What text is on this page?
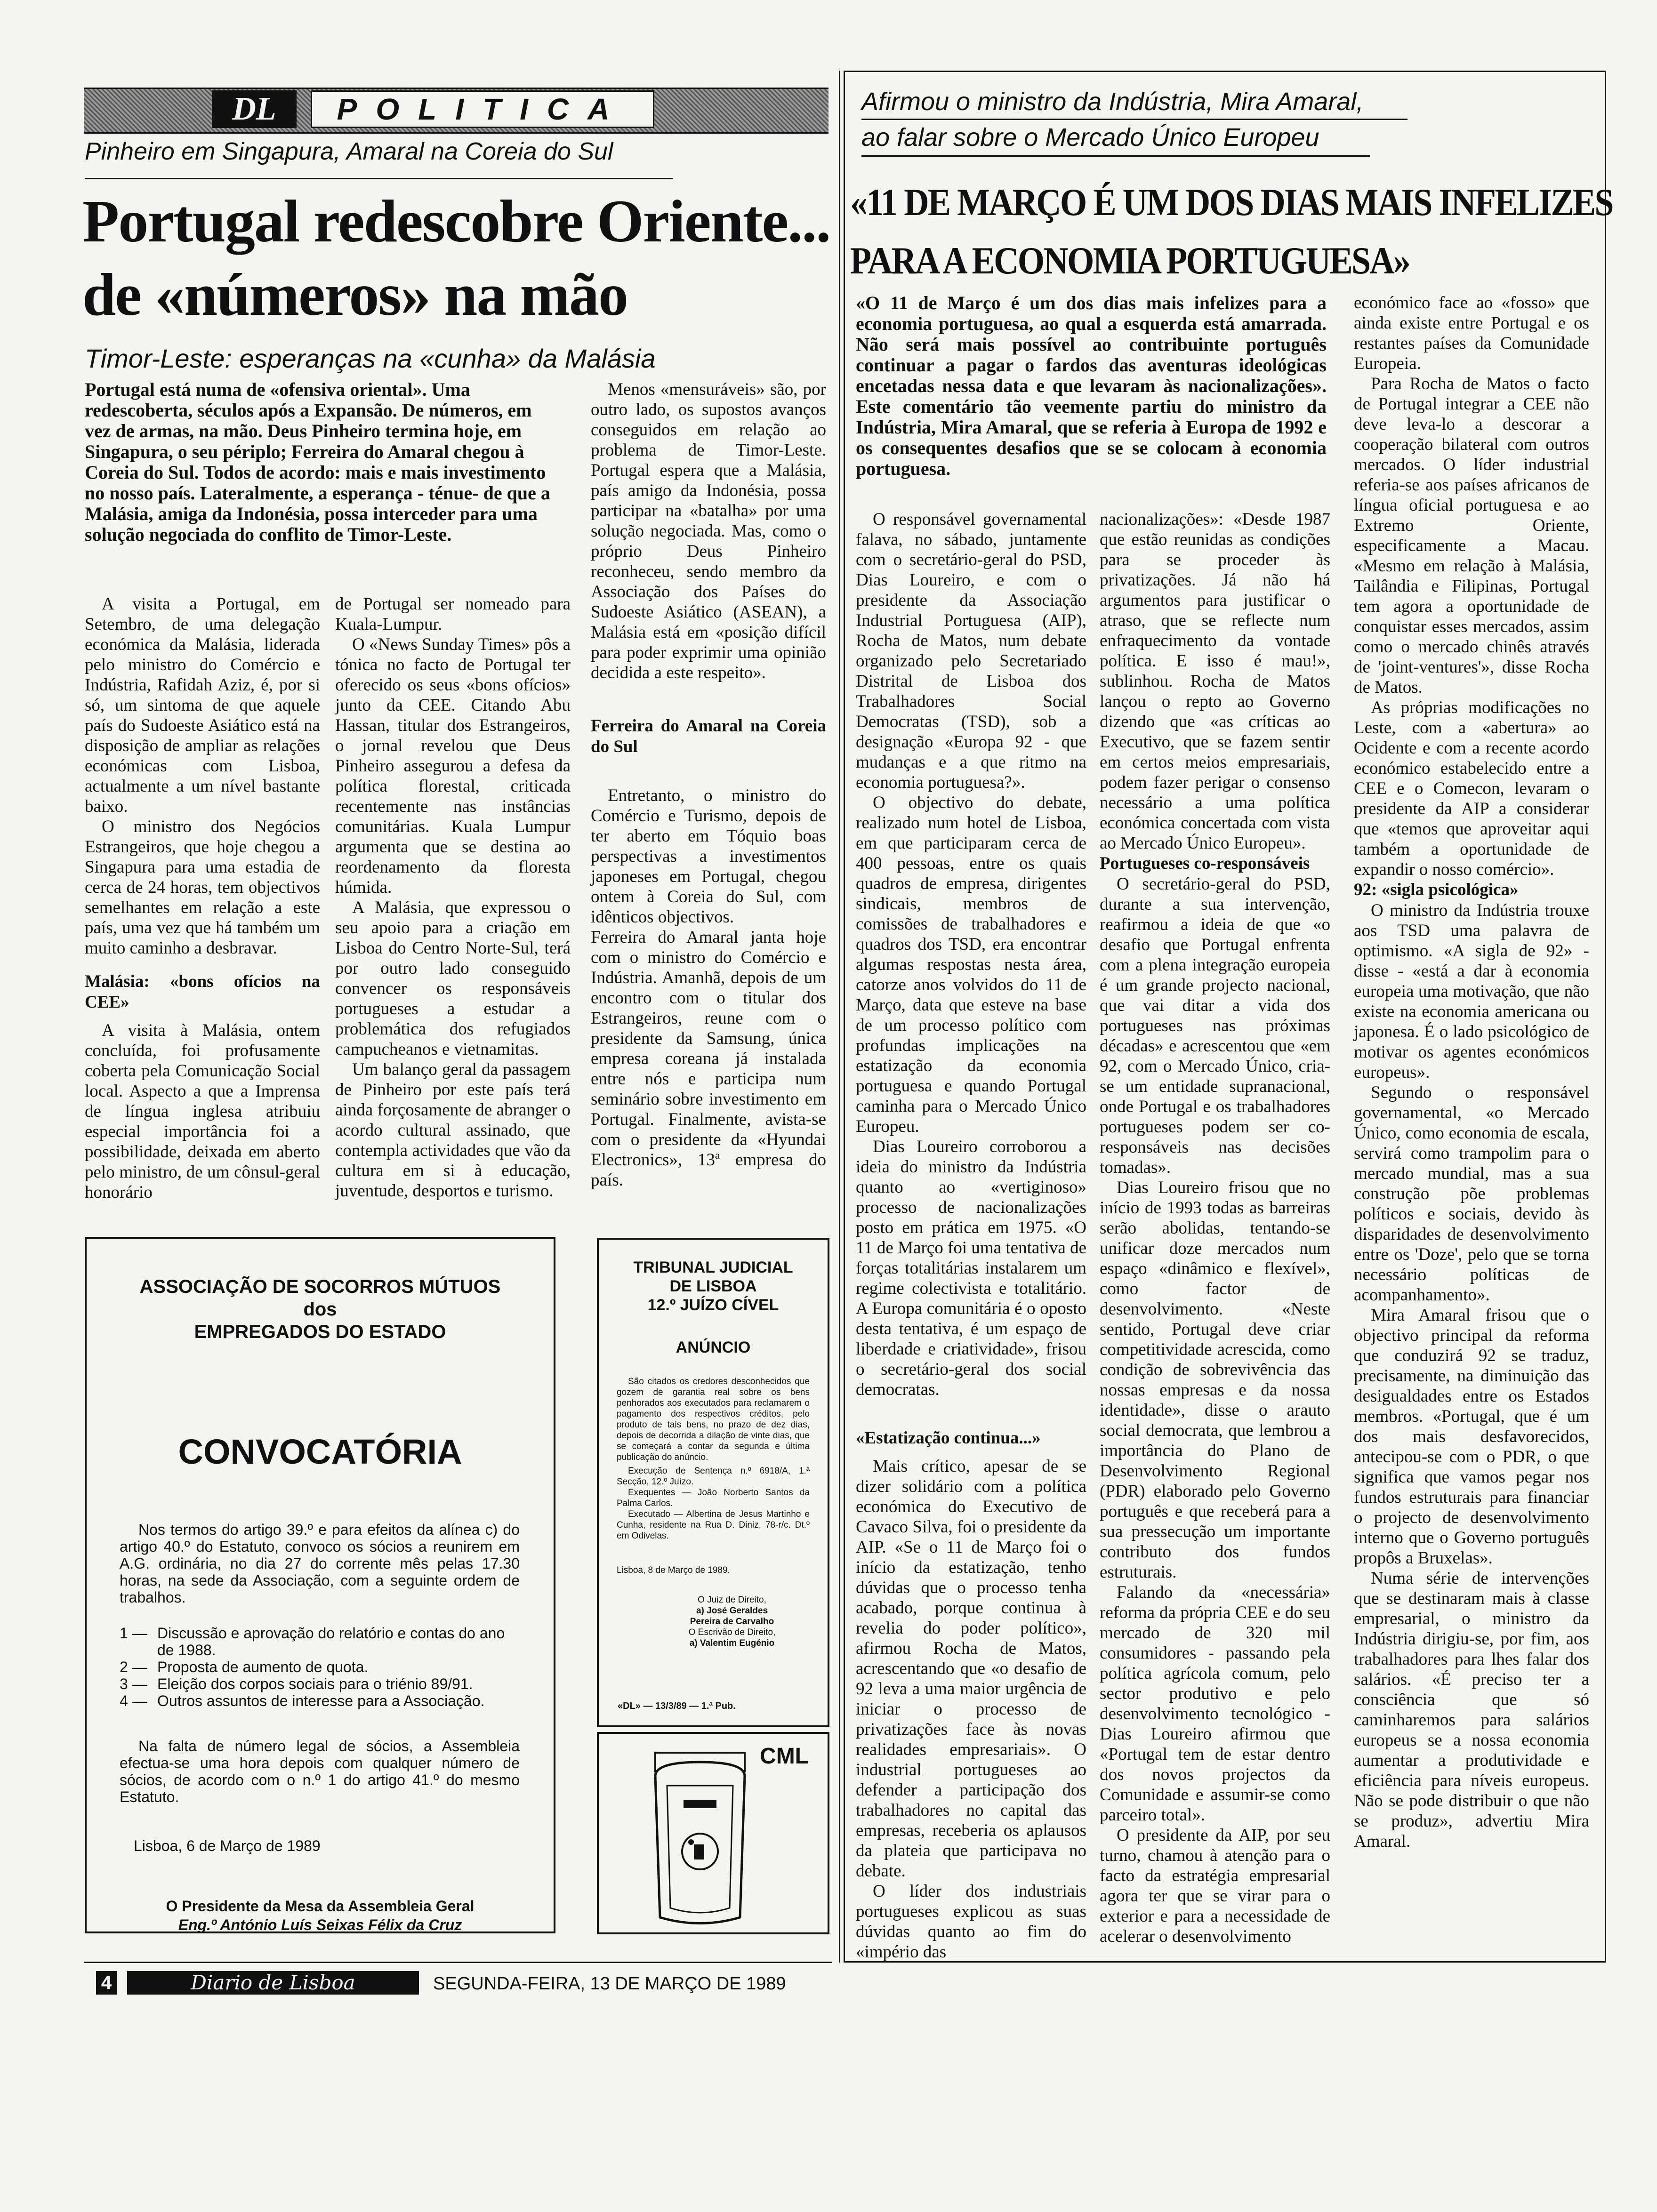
DL	POLITICA
Pinheiro em Singapura, Amaral na Coreia do Sul
Portugal redescobre Oriente...
de «números» na mão
Timor-Leste: esperanças na «cunha» da Malásia
Portugal está numa de «ofensiva oriental». Uma redescoberta, séculos após a Expansão. De números, em vez de armas, na mão. Deus Pinheiro termina hoje, em Singapura, o seu périplo; Ferreira do Amaral chegou à Coreia do Sul. Todos de acordo: mais e mais investimento no nosso país. Lateralmente, a esperança - ténue- de que a Malásia, amiga da Indonésia, possa interceder para uma solução negociada do conflito de Timor-Leste.

A visita a Portugal, em Setembro, de uma delegação económica da Malásia, liderada pelo ministro do Comércio e Indústria, Rafidah Aziz, é, por si só, um sintoma de que aquele país do Sudoeste Asiático está na disposição de ampliar as relações económicas com Lisboa, actualmente a um nível bastante baixo.

O ministro dos Negócios Estrangeiros, que hoje chegou a Singapura para uma estadia de cerca de 24 horas, tem objectivos semelhantes em relação a este país, uma vez que há também um muito caminho a desbravar.

Malásia: «bons ofícios na CEE»

A visita à Malásia, ontem concluída, foi profusamente coberta pela Comunicação Social local. Aspecto a que a Imprensa de língua inglesa atribuiu especial importância foi a possibilidade, deixada em aberto pelo ministro, de um cônsul-geral honorário

de Portugal ser nomeado para Kuala-Lumpur.

O «News Sunday Times» pôs a tónica no facto de Portugal ter oferecido os seus «bons ofícios» junto da CEE. Citando Abu Hassan, titular dos Estrangeiros, o jornal revelou que Deus Pinheiro assegurou a defesa da política florestal, criticada recentemente nas instâncias comunitárias. Kuala Lumpur argumenta que se destina ao reordenamento da floresta húmida.

A Malásia, que expressou o seu apoio para a criação em Lisboa do Centro Norte-Sul, terá por outro lado conseguido convencer os responsáveis portugueses a estudar a problemática dos refugiados campucheanos e vietnamitas.

Um balanço geral da passagem de Pinheiro por este país terá ainda forçosamente de abranger o acordo cultural assinado, que contempla actividades que vão da cultura em si à educação, juventude, desportos e turismo.

Menos «mensuráveis» são, por outro lado, os supostos avanços conseguidos em relação ao problema de Timor-Leste. Portugal espera que a Malásia, país amigo da Indonésia, possa participar na «batalha» por uma solução negociada. Mas, como o próprio Deus Pinheiro reconheceu, sendo membro da Associação dos Países do Sudoeste Asiático (ASEAN), a Malásia está em «posição difícil para poder exprimir uma opinião decidida a este respeito».

Ferreira do Amaral na Coreia do Sul

Entretanto, o ministro do Comércio e Turismo, depois de ter aberto em Tóquio boas perspectivas a investimentos japoneses em Portugal, chegou ontem à Coreia do Sul, com idênticos objectivos.

Ferreira do Amaral janta hoje com o ministro do Comércio e Indústria. Amanhã, depois de um encontro com o titular dos Estrangeiros, reune com o presidente da Samsung, única empresa coreana já instalada entre nós e participa num seminário sobre investimento em Portugal. Finalmente, avista-se com o presidente da «Hyundai Electronics», 13ª empresa do país.

ASSOCIAÇÃO DE SOCORROS MÚTUOS
dos
EMPREGADOS DO ESTADO
CONVOCATÓRIA
Nos termos do artigo 39.º e para efeitos da alínea c) do artigo 40.º do Estatuto, convoco os sócios a reunirem em A.G. ordinária, no dia 27 do corrente mês pelas 17.30 horas, na sede da Associação, com a seguinte ordem de trabalhos.
1 — Discussão e aprovação do relatório e contas do ano de 1988.
2 — Proposta de aumento de quota.
3 — Eleição dos corpos sociais para o triénio 89/91.
4 — Outros assuntos de interesse para a Associação.
Na falta de número legal de sócios, a Assembleia efectua-se uma hora depois com qualquer número de sócios, de acordo com o n.º 1 do artigo 41.º do mesmo Estatuto.
Lisboa, 6 de Março de 1989
O Presidente da Mesa da Assembleia Geral
Eng.º António Luís Seixas Félix da Cruz
TRIBUNAL JUDICIAL
DE LISBOA
12.º JUÍZO CÍVEL
ANÚNCIO
São citados os credores desconhecidos que gozem de garantia real sobre os bens penhorados aos executados para reclamarem o pagamento dos respectivos créditos, pelo produto de tais bens, no prazo de dez dias, depois de decorrida a dilação de vinte dias, que se começará a contar da segunda e última publicação do anúncio.
Execução de Sentença n.º 6918/A, 1.ª Secção, 12.º Juízo.
Exequentes — João Norberto Santos da Palma Carlos.
Executado — Albertina de Jesus Martinho e Cunha, residente na Rua D. Diniz, 78-r/c. Dt.º em Odivelas.
Lisboa, 8 de Março de 1989.
O Juiz de Direito,
a) José Geraldes
Pereira de Carvalho
O Escrivão de Direito,
a) Valentim Eugénio
«DL» — 13/3/89 — 1.ª Pub.
CML
4	Diario de Lisboa	SEGUNDA-FEIRA, 13 DE MARÇO DE 1989
Afirmou o ministro da Indústria, Mira Amaral,
ao falar sobre o Mercado Único Europeu
«11 DE MARÇO É UM DOS DIAS MAIS INFELIZES
PARA A ECONOMIA PORTUGUESA»
«O 11 de Março é um dos dias mais infelizes para a economia portuguesa, ao qual a esquerda está amarrada. Não será mais possível ao contribuinte português continuar a pagar o fardos das aventuras ideológicas encetadas nessa data e que levaram às nacionalizações». Este comentário tão veemente partiu do ministro da Indústria, Mira Amaral, que se referia à Europa de 1992 e os consequentes desafios que se se colocam à economia portuguesa.

O responsável governamental falava, no sábado, juntamente com o secretário-geral do PSD, Dias Loureiro, e com o presidente da Associação Industrial Portuguesa (AIP), Rocha de Matos, num debate organizado pelo Secretariado Distrital de Lisboa dos Trabalhadores Social Democratas (TSD), sob a designação «Europa 92 - que mudanças e a que ritmo na economia portuguesa?».

O objectivo do debate, realizado num hotel de Lisboa, em que participaram cerca de 400 pessoas, entre os quais quadros de empresa, dirigentes sindicais, membros de comissões de trabalhadores e quadros dos TSD, era encontrar algumas respostas nesta área, catorze anos volvidos do 11 de Março, data que esteve na base de um processo político com profundas implicações na estatização da economia portuguesa e quando Portugal caminha para o Mercado Único Europeu.

Dias Loureiro corroborou a ideia do ministro da Indústria quanto ao «vertiginoso» processo de nacionalizações posto em prática em 1975. «O 11 de Março foi uma tentativa de forças totalitárias instalarem um regime colectivista e totalitário. A Europa comunitária é o oposto desta tentativa, é um espaço de liberdade e criatividade», frisou o secretário-geral dos social democratas.

«Estatização continua...»

Mais crítico, apesar de se dizer solidário com a política económica do Executivo de Cavaco Silva, foi o presidente da AIP. «Se o 11 de Março foi o início da estatização, tenho dúvidas que o processo tenha acabado, porque continua à revelia do poder político», afirmou Rocha de Matos, acrescentando que «o desafio de 92 leva a uma maior urgência de iniciar o processo de privatizações face às novas realidades empresariais». O industrial portugueses ao defender a participação dos trabalhadores no capital das empresas, receberia os aplausos da plateia que participava no debate.

O líder dos industriais portugueses explicou as suas dúvidas quanto ao fim do «império das

nacionalizações»: «Desde 1987 que estão reunidas as condições para se proceder às privatizações. Já não há argumentos para justificar o atraso, que se reflecte num enfraquecimento da vontade política. E isso é mau!», sublinhou. Rocha de Matos lançou o repto ao Governo dizendo que «as críticas ao Executivo, que se fazem sentir em certos meios empresariais, podem fazer perigar o consenso necessário a uma política económica concertada com vista ao Mercado Único Europeu».

Portugueses co-responsáveis

O secretário-geral do PSD, durante a sua intervenção, reafirmou a ideia de que «o desafio que Portugal enfrenta com a plena integração europeia é um grande projecto nacional, que vai ditar a vida dos portugueses nas próximas décadas» e acrescentou que «em 92, com o Mercado Único, cria-se um entidade supranacional, onde Portugal e os trabalhadores portugueses podem ser co-responsáveis nas decisões tomadas».

Dias Loureiro frisou que no início de 1993 todas as barreiras serão abolidas, tentando-se unificar doze mercados num espaço «dinâmico e flexível», como factor de desenvolvimento. «Neste sentido, Portugal deve criar competitividade acrescida, como condição de sobrevivência das nossas empresas e da nossa identidade», disse o arauto social democrata, que lembrou a importância do Plano de Desenvolvimento Regional (PDR) elaborado pelo Governo português e que receberá para a sua pressecução um importante contributo dos fundos estruturais.

Falando da «necessária» reforma da própria CEE e do seu mercado de 320 mil consumidores - passando pela política agrícola comum, pelo sector produtivo e pelo desenvolvimento tecnológico - Dias Loureiro afirmou que «Portugal tem de estar dentro dos novos projectos da Comunidade e assumir-se como parceiro total».

O presidente da AIP, por seu turno, chamou à atenção para o facto da estratégia empresarial agora ter que se virar para o exterior e para a necessidade de acelerar o desenvolvimento

económico face ao «fosso» que ainda existe entre Portugal e os restantes países da Comunidade Europeia.

Para Rocha de Matos o facto de Portugal integrar a CEE não deve leva-lo a descorar a cooperação bilateral com outros mercados. O líder industrial referia-se aos países africanos de língua oficial portuguesa e ao Extremo Oriente, especificamente a Macau. «Mesmo em relação à Malásia, Tailândia e Filipinas, Portugal tem agora a oportunidade de conquistar esses mercados, assim como o mercado chinês através de 'joint-ventures'», disse Rocha de Matos.

As próprias modificações no Leste, com a «abertura» ao Ocidente e com a recente acordo económico estabelecido entre a CEE e o Comecon, levaram o presidente da AIP a considerar que «temos que aproveitar aqui também a oportunidade de expandir o nosso comércio».

92: «sigla psicológica»

O ministro da Indústria trouxe aos TSD uma palavra de optimismo. «A sigla de 92» - disse - «está a dar à economia europeia uma motivação, que não existe na economia americana ou japonesa. É o lado psicológico de motivar os agentes económicos europeus».

Segundo o responsável governamental, «o Mercado Único, como economia de escala, servirá como trampolim para o mercado mundial, mas a sua construção põe problemas políticos e sociais, devido às disparidades de desenvolvimento entre os 'Doze', pelo que se torna necessário políticas de acompanhamento».

Mira Amaral frisou que o objectivo principal da reforma que conduzirá 92 se traduz, precisamente, na diminuição das desigualdades entre os Estados membros. «Portugal, que é um dos mais desfavorecidos, antecipou-se com o PDR, o que significa que vamos pegar nos fundos estruturais para financiar o projecto de desenvolvimento interno que o Governo português propôs a Bruxelas».

Numa série de intervenções que se destinaram mais à classe empresarial, o ministro da Indústria dirigiu-se, por fim, aos trabalhadores para lhes falar dos salários. «É preciso ter a consciência que só caminharemos para salários europeus se a nossa economia aumentar a produtividade e eficiência para níveis europeus. Não se pode distribuir o que não se produz», advertiu Mira Amaral.
